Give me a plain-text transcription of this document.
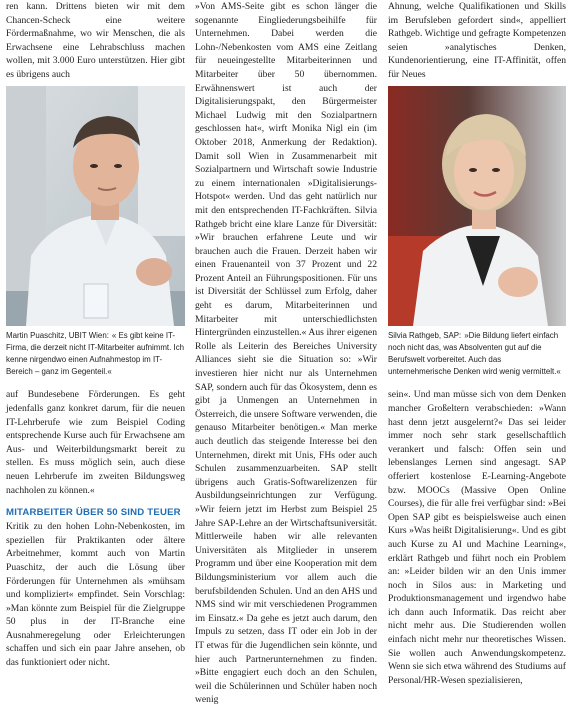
ren kann. Drittens bieten wir mit dem Chancen-Scheck eine weitere Fördermaßnahme, wo wir Menschen, die als Erwachsene eine Lehrabschluss machen wollen, mit 3.000 Euro unterstützen. Hier gibt es übrigens auch

Martin Puaschitz, UBIT Wien: « Es gibt keine IT-Firma, die derzeit nicht IT-Mitarbeiter aufnimmt. Ich kenne nirgendwo einen Aufnahmestop im IT-Bereich – ganz im Gegenteil.«

auf Bundesebene Förderungen. Es geht jedenfalls ganz konkret darum, für die neuen IT-Lehrberufe wie zum Beispiel Coding entsprechende Kurse auch für Erwachsene am Aus- und Weiterbildungsmarkt bereit zu stellen. Es muss möglich sein, auch diese neuen Lehrberufe im zweiten Bildungsweg nachholen zu können.«

MITARBEITER ÜBER 50 SIND TEUER

Kritik zu den hohen Lohn-Nebenkosten, im speziellen für Praktikanten oder ältere Arbeitnehmer, kommt auch von Martin Puaschitz, der auch die Lösung über Förderungen für Unternehmen als »mühsam und kompliziert« empfindet. Sein Vorschlag: »Man könnte zum Beispiel für die Zielgruppe 50 plus in der IT-Branche eine Ausnahmeregelung oder Erleichterungen schaffen und sich ein paar Jahre ansehen, ob das funktioniert oder nicht.

»Von AMS-Seite gibt es schon länger die sogenannte Eingliederungsbeihilfe für Unternehmen. Dabei werden die Lohn-/Nebenkosten vom AMS eine Zeitlang für neueingestellte Mitarbeiterinnen und Mitarbeiter über 50 übernommen. Erwähnenswert ist auch der Digitalisierungspakt, den Bürgermeister Michael Ludwig mit den Sozialpartnern geschlossen hat«, wirft Monika Nigl ein (im Oktober 2018, Anmerkung der Redaktion). Damit soll Wien in Zusammenarbeit mit Sozialpartnern und Wirtschaft sowie Industrie zu einem internationalen »Digitalisierungs-Hotspot« werden. Und das geht natürlich nur mit den entsprechenden IT-Fachkräften. Silvia Rathgeb bricht eine klare Lanze für Diversität: »Wir brauchen erfahrene Leute und wir brauchen auch die Frauen. Derzeit haben wir einen Frauenanteil von 37 Prozent und 22 Prozent Anteil an Führungspositionen. Für uns ist Diversität der Schlüssel zum Erfolg, daher geht es darum, Mitarbeiterinnen und Mitarbeiter mit unterschiedlichsten Hintergründen einzustellen.« Aus ihrer eigenen Rolle als Leiterin des Bereiches University Alliances sieht sie die Situation so: »Wir investieren hier nicht nur als Unternehmen SAP, sondern auch für das Ökosystem, denn es gibt ja Unmengen an Unternehmen in Österreich, die unsere Software verwenden, die genauso Mitarbeiter benötigen.« Man merke auch deutlich das steigende Interesse bei den Unternehmen, direkt mit Unis, FHs oder auch Schulen zusammenzuarbeiten. SAP stellt übrigens auch Gratis-Softwarelizenzen für Ausbildungseinrichtungen zur Verfügung. »Wir feiern jetzt im Herbst zum Beispiel 25 Jahre SAP-Lehre an der Wirtschaftsuniversität. Mittlerweile haben wir alle relevanten Universitäten als Mitglieder in unserem Programm und über eine Kooperation mit dem Bildungsministerium vor allem auch die berufsbildenden Schulen. Und an den AHS und NMS sind wir mit verschiedenen Programmen im Einsatz.« Da gehe es jetzt auch darum, den Impuls zu setzen, dass IT oder ein Job in der IT etwas für die Jugendlichen sein könnte, und hier auch Partnerunternehmen zu finden. »Bitte engagiert euch doch an den Schulen, weil die Schülerinnen und Schüler haben noch wenig

Ahnung, welche Qualifikationen und Skills im Berufsleben gefordert sind«, appelliert Rathgeb. Wichtige und gefragte Kompetenzen seien »analytisches Denken, Kundenorientierung, eine IT-Affinität, offen für Neues

Silvia Rathgeb, SAP: »Die Bildung liefert einfach noch nicht das, was Absolventen gut auf die Berufswelt vorbereitet. Auch das unternehmerische Denken wird wenig vermittelt.«

sein«. Und man müsse sich von dem Denken mancher Großeltern verabschieden: »Wann hast denn jetzt ausgelernt?« Das sei leider immer noch sehr stark gesellschaftlich verankert und falsch: Offen sein und lebenslanges Lernen sind angesagt. SAP offeriert kostenlose E-Learning-Angebote bzw. MOOCs (Massive Open Online Courses), die für alle frei verfügbar sind: »Bei Open SAP gibt es beispielsweise auch einen Kurs »Was heißt Digitalisierung«. Und es gibt auch Kurse zu AI und Machine Learning«, erklärt Rathgeb und führt noch ein Problem an: »Leider bilden wir an den Unis immer noch in Silos aus: in Marketing und Produktionsmanagement und irgendwo habe ich dann auch Informatik. Das reicht aber nicht mehr aus. Die Studierenden wollen einfach nicht mehr nur theoretisches Wissen. Sie wollen auch Anwendungskompetenz. Wenn sie sich etwa während des Studiums auf Personal/HR-Wesen spezialisieren,
